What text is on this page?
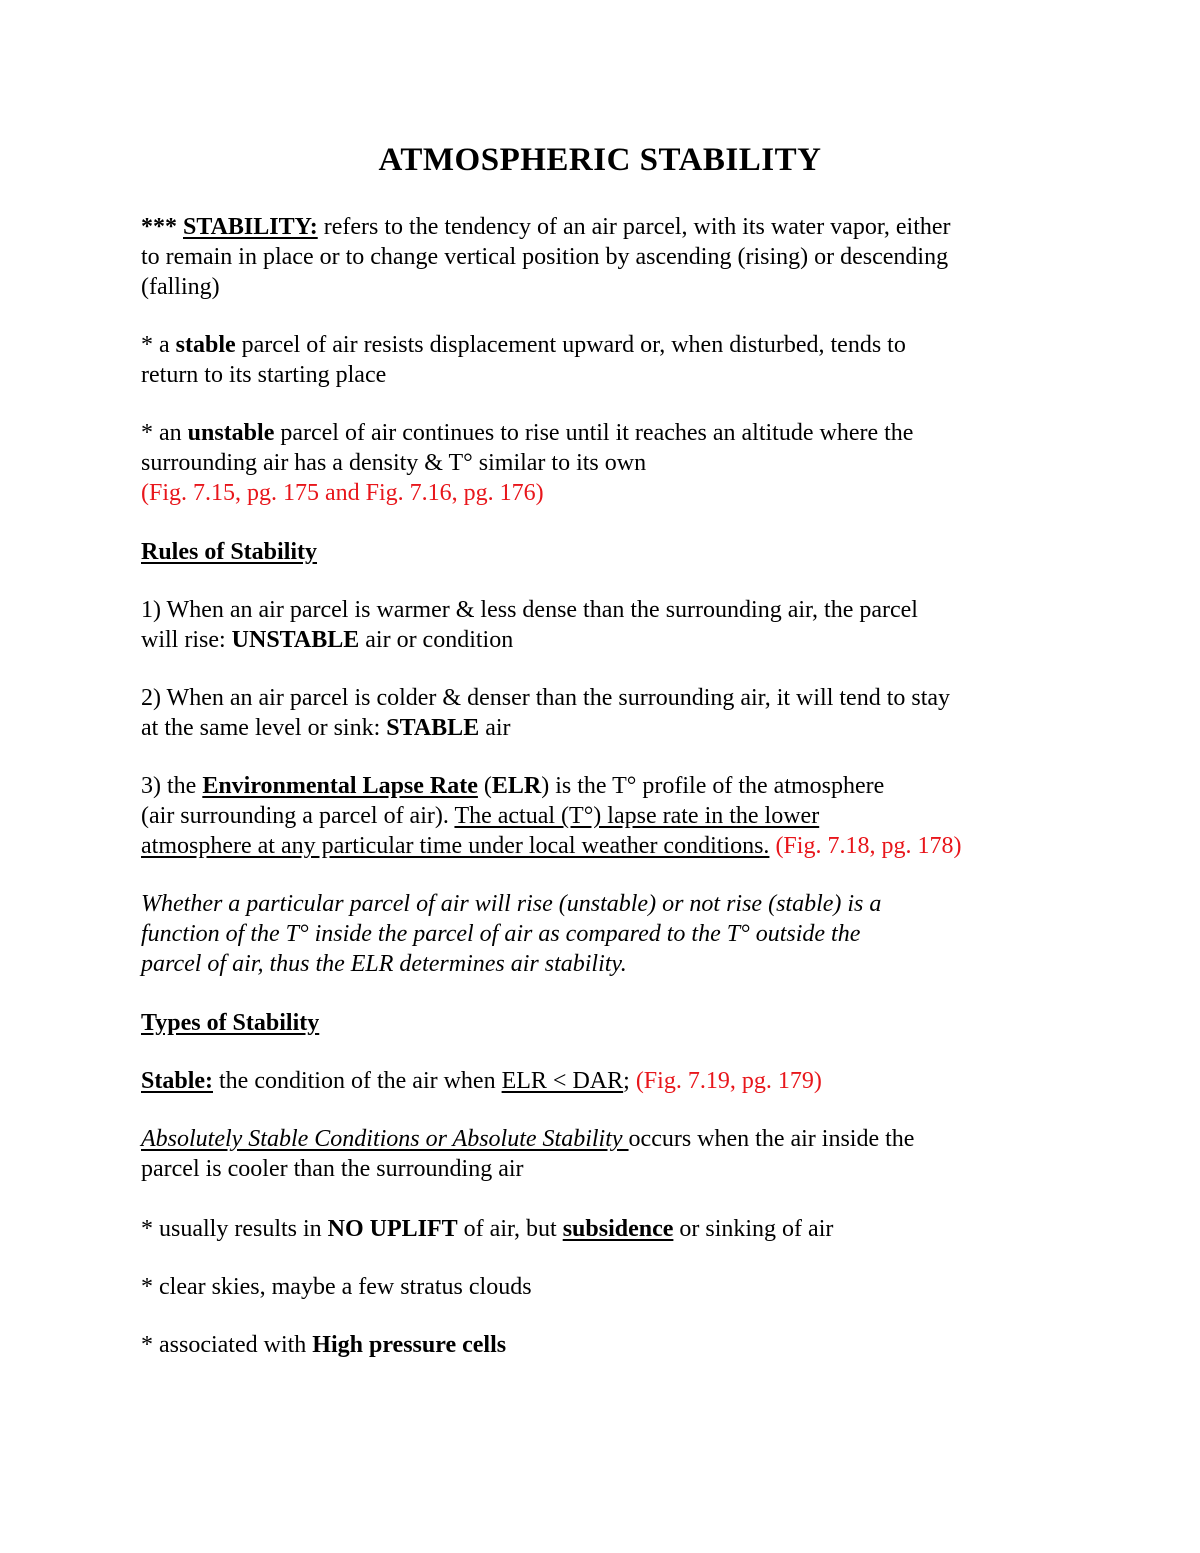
ATMOSPHERIC STABILITY
*** STABILITY: refers to the tendency of an air parcel, with its water vapor, either
to remain in place or to change vertical position by ascending (rising) or descending
(falling)
* a stable parcel of air resists displacement upward or, when disturbed, tends to
return to its starting place
* an unstable parcel of air continues to rise until it reaches an altitude where the
surrounding air has a density & T° similar to its own
(Fig. 7.15, pg. 175 and Fig. 7.16, pg. 176)
Rules of Stability
1) When an air parcel is warmer & less dense than the surrounding air, the parcel
will rise: UNSTABLE air or condition
2) When an air parcel is colder & denser than the surrounding air, it will tend to stay
at the same level or sink: STABLE air
3) the Environmental Lapse Rate (ELR) is the T° profile of the atmosphere
(air surrounding a parcel of air). The actual (T°) lapse rate in the lower
atmosphere at any particular time under local weather conditions. (Fig. 7.18, pg. 178)
Whether a particular parcel of air will rise (unstable) or not rise (stable) is a
function of the T° inside the parcel of air as compared to the T° outside the
parcel of air, thus the ELR determines air stability.
Types of Stability
Stable: the condition of the air when ELR < DAR; (Fig. 7.19, pg. 179)
Absolutely Stable Conditions or Absolute Stability occurs when the air inside the
parcel is cooler than the surrounding air
* usually results in NO UPLIFT of air, but subsidence or sinking of air
* clear skies, maybe a few stratus clouds
* associated with High pressure cells
